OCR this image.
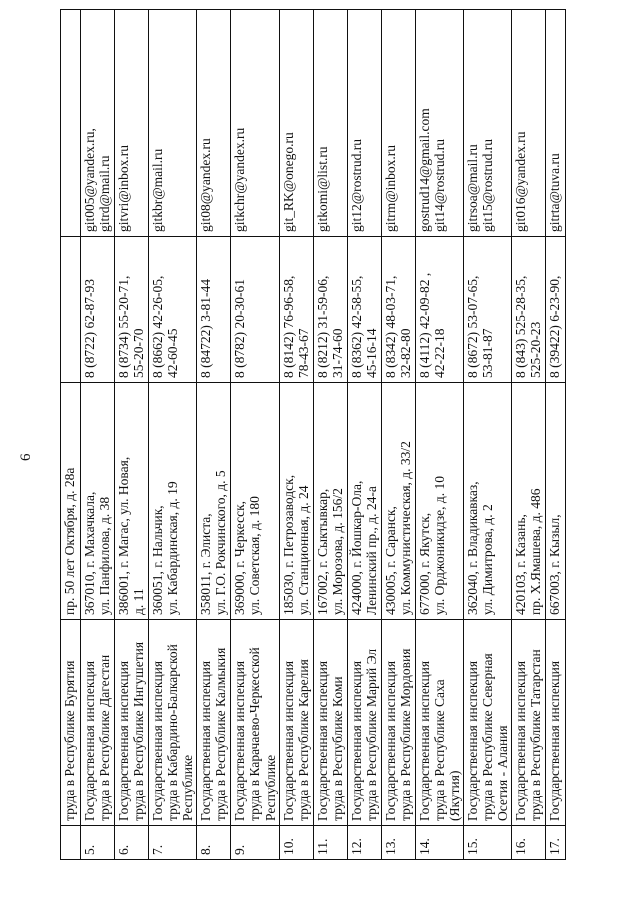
6
	труда в Республике Бурятия	пр. 50 лет Октября, д. 28а		
5.	Государственная инспекция
труда в Республике Дагестан	367010, г. Махачкала,
ул. Панфилова, д. 38	8 (8722) 62-87-93	git005@yandex.ru,
gitrd@mail.ru
6.	Государственная инспекция
труда в Республике Ингушетия	386001, г. Магас, ул. Новая,
д. 11	8 (8734) 55-20-71,
55-20-70	gitvri@inbox.ru
7.	Государственная инспекция
труда в Кабардино-Балкарской
Республике	360051, г. Нальчик,
ул. Кабардинская, д. 19	8 (8662) 42-26-05,
42-60-45	gitkbr@mail.ru
8.	Государственная инспекция
труда в Республике Калмыкия	358011, г. Элиста,
ул. Г.О. Рокчинского, д. 5	8 (84722) 3-81-44	git08@yandex.ru
9.	Государственная инспекция
труда в Карачаево-Черкесской
Республике	369000, г. Черкесск,
ул. Советская, д. 180	8 (8782) 20-30-61	gitkchr@yandex.ru
10.	Государственная инспекция
труда в Республике Карелия	185030, г. Петрозаводск,
ул. Станционная, д. 24	8 (8142) 76-96-58,
78-43-67	git_RK@onego.ru
11.	Государственная инспекция
труда в Республике Коми	167002, г. Сыктывкар,
ул. Морозова, д. 156/2	8 (8212) 31-59-06,
31-74-60	gitkomi@list.ru
12.	Государственная инспекция
труда в Республике Марий Эл	424000, г. Йошкар-Ола,
Ленинский пр., д. 24-а	8 (8362) 42-58-55,
45-16-14	git12@rostrud.ru
13.	Государственная инспекция
труда в Республике Мордовия	430005, г. Саранск,
ул. Коммунистическая, д. 33/2	8 (8342) 48-03-71,
32-82-80	gitrm@inbox.ru
14.	Государственная инспекция
труда в Республике Саха
(Якутия)	677000, г. Якутск,
ул. Орджоникидзе, д. 10	8 (4112) 42-09-82 ,
42-22-18	gostrud14@gmail.com
git14@rostrud.ru
15.	Государственная инспекция
труда в Республике Северная
Осетия - Алания	362040, г. Владикавказ,
ул. Димитрова, д. 2	8 (8672) 53-07-65,
53-81-87	gitrsoa@mail.ru
git15@rostrud.ru
16.	Государственная инспекция
труда в Республике Татарстан	420103, г. Казань,
пр. Х.Ямашева, д. 486	8 (843) 525-28-35,
525-20-23	git016@yandex.ru
17.	Государственная инспекция	667003, г. Кызыл,	8 (39422) 6-23-90,	gitrta@tuva.ru
